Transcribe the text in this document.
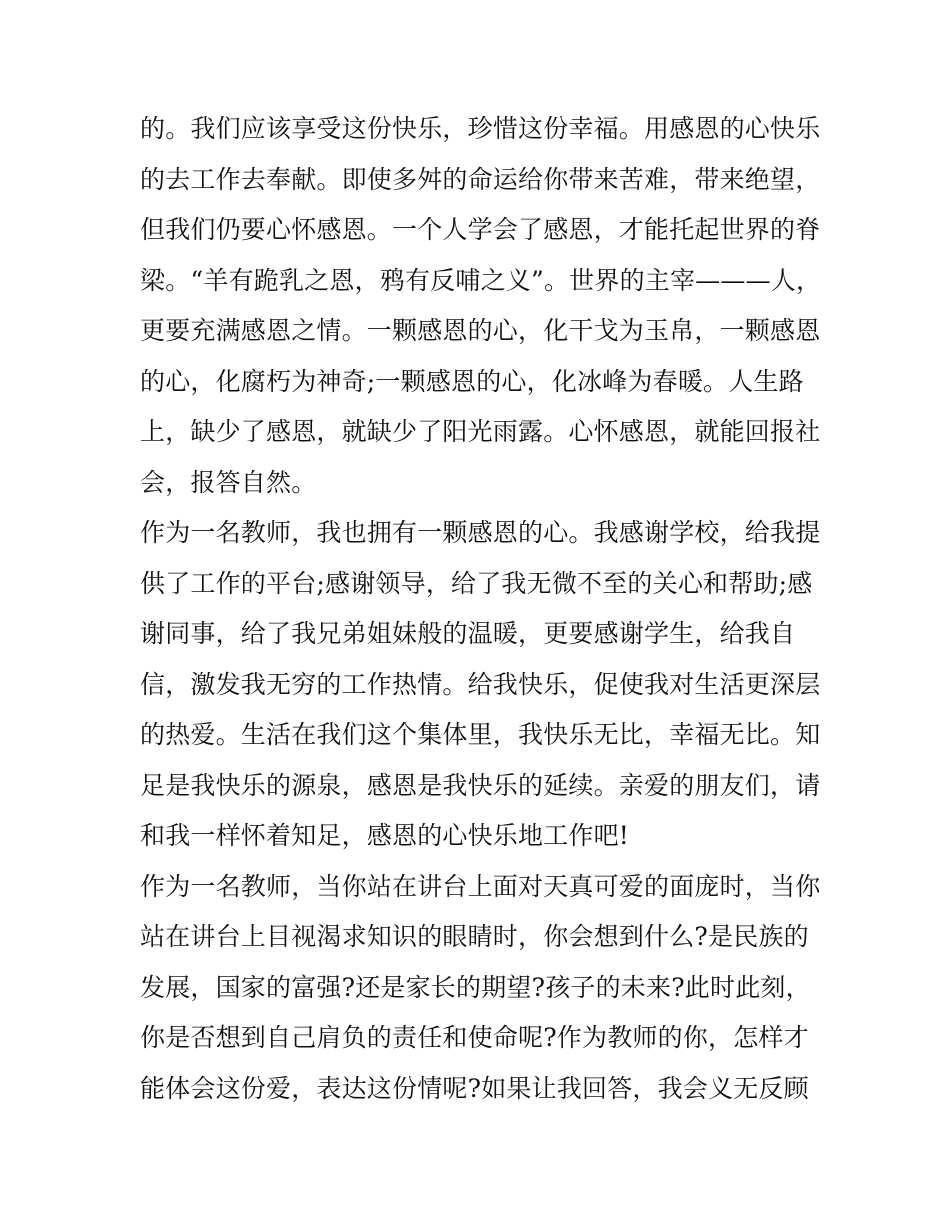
的。我们应该享受这份快乐，珍惜这份幸福。用感恩的心快乐
的去工作去奉献。即使多舛的命运给你带来苦难，带来绝望，
但我们仍要心怀感恩。一个人学会了感恩，才能托起世界的脊
梁。“羊有跪乳之恩，鸦有反哺之义”。世界的主宰———人，
更要充满感恩之情。一颗感恩的心，化干戈为玉帛，一颗感恩
的心，化腐朽为神奇;一颗感恩的心，化冰峰为春暖。人生路
上，缺少了感恩，就缺少了阳光雨露。心怀感恩，就能回报社
会，报答自然。
作为一名教师，我也拥有一颗感恩的心。我感谢学校，给我提
供了工作的平台;感谢领导，给了我无微不至的关心和帮助;感
谢同事，给了我兄弟姐妹般的温暖，更要感谢学生，给我自
信，激发我无穷的工作热情。给我快乐，促使我对生活更深层
的热爱。生活在我们这个集体里，我快乐无比，幸福无比。知
足是我快乐的源泉，感恩是我快乐的延续。亲爱的朋友们，请
和我一样怀着知足，感恩的心快乐地工作吧!
作为一名教师，当你站在讲台上面对天真可爱的面庞时，当你
站在讲台上目视渴求知识的眼睛时，你会想到什么?是民族的
发展，国家的富强?还是家长的期望?孩子的未来?此时此刻，
你是否想到自己肩负的责任和使命呢?作为教师的你，怎样才
能体会这份爱，表达这份情呢?如果让我回答，我会义无反顾
